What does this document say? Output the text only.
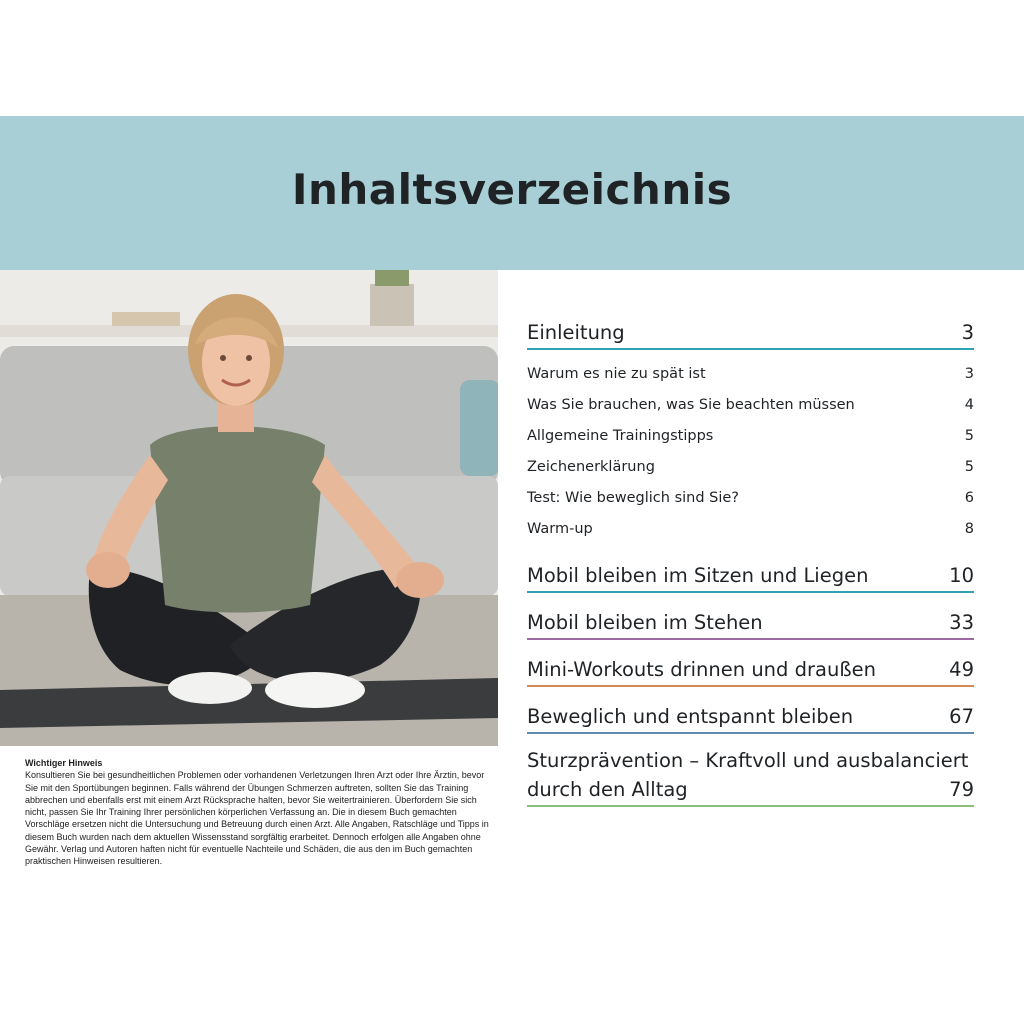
Inhaltsverzeichnis
Wichtiger Hinweis
Konsultieren Sie bei gesundheitlichen Problemen oder vorhandenen Verletzungen Ihren Arzt oder Ihre Ärztin, bevor Sie mit den Sportübungen beginnen. Falls während der Übungen Schmerzen auftreten, sollten Sie das Training abbrechen und ebenfalls erst mit einem Arzt Rücksprache halten, bevor Sie weitertrainieren. Überfordern Sie sich nicht, passen Sie Ihr Training Ihrer persönlichen körperlichen Verfassung an. Die in diesem Buch gemachten Vorschläge ersetzen nicht die Untersuchung und Betreuung durch einen Arzt. Alle Angaben, Ratschläge und Tipps in diesem Buch wurden nach dem aktuellen Wissensstand sorgfältig erarbeitet. Dennoch erfolgen alle Angaben ohne Gewähr. Verlag und Autoren haften nicht für eventuelle Nachteile und Schäden, die aus den im Buch gemachten praktischen Hinweisen resultieren.
Einleitung	3
Warum es nie zu spät ist	3
Was Sie brauchen, was Sie beachten müssen	4
Allgemeine Trainingstipps	5
Zeichenerklärung	5
Test: Wie beweglich sind Sie?	6
Warm-up	8
Mobil bleiben im Sitzen und Liegen	10
Mobil bleiben im Stehen	33
Mini-Workouts drinnen und draußen	49
Beweglich und entspannt bleiben	67
Sturzprävention – Kraftvoll und ausbalanciert
durch den Alltag	79
